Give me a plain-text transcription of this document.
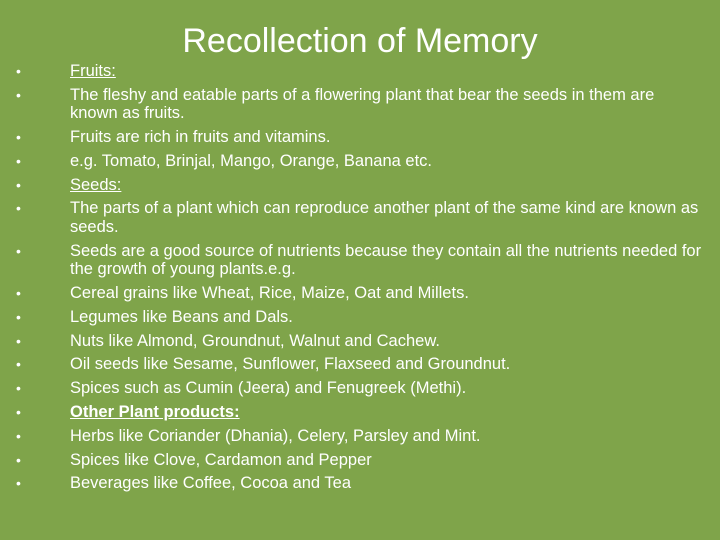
Recollection of Memory
•	Fruits:
•	The fleshy and eatable parts of a flowering plant that bear the seeds in them are known as fruits.
•	Fruits are rich in fruits and vitamins.
•	e.g. Tomato, Brinjal, Mango, Orange, Banana etc.
•	Seeds:
•	The parts of a plant which can reproduce another plant of the same kind are known as seeds.
•	Seeds are a good source of nutrients because they contain all the nutrients needed for the growth of young plants.e.g.
•	Cereal grains like Wheat, Rice, Maize, Oat and Millets.
•	Legumes like Beans and Dals.
•	Nuts like Almond, Groundnut, Walnut and Cachew.
•	Oil seeds like Sesame, Sunflower, Flaxseed and Groundnut.
•	Spices such as Cumin (Jeera) and Fenugreek (Methi).
•	Other Plant products:
•	Herbs like Coriander (Dhania), Celery, Parsley and Mint.
•	Spices like Clove, Cardamon and Pepper
•	Beverages like Coffee, Cocoa and Tea
